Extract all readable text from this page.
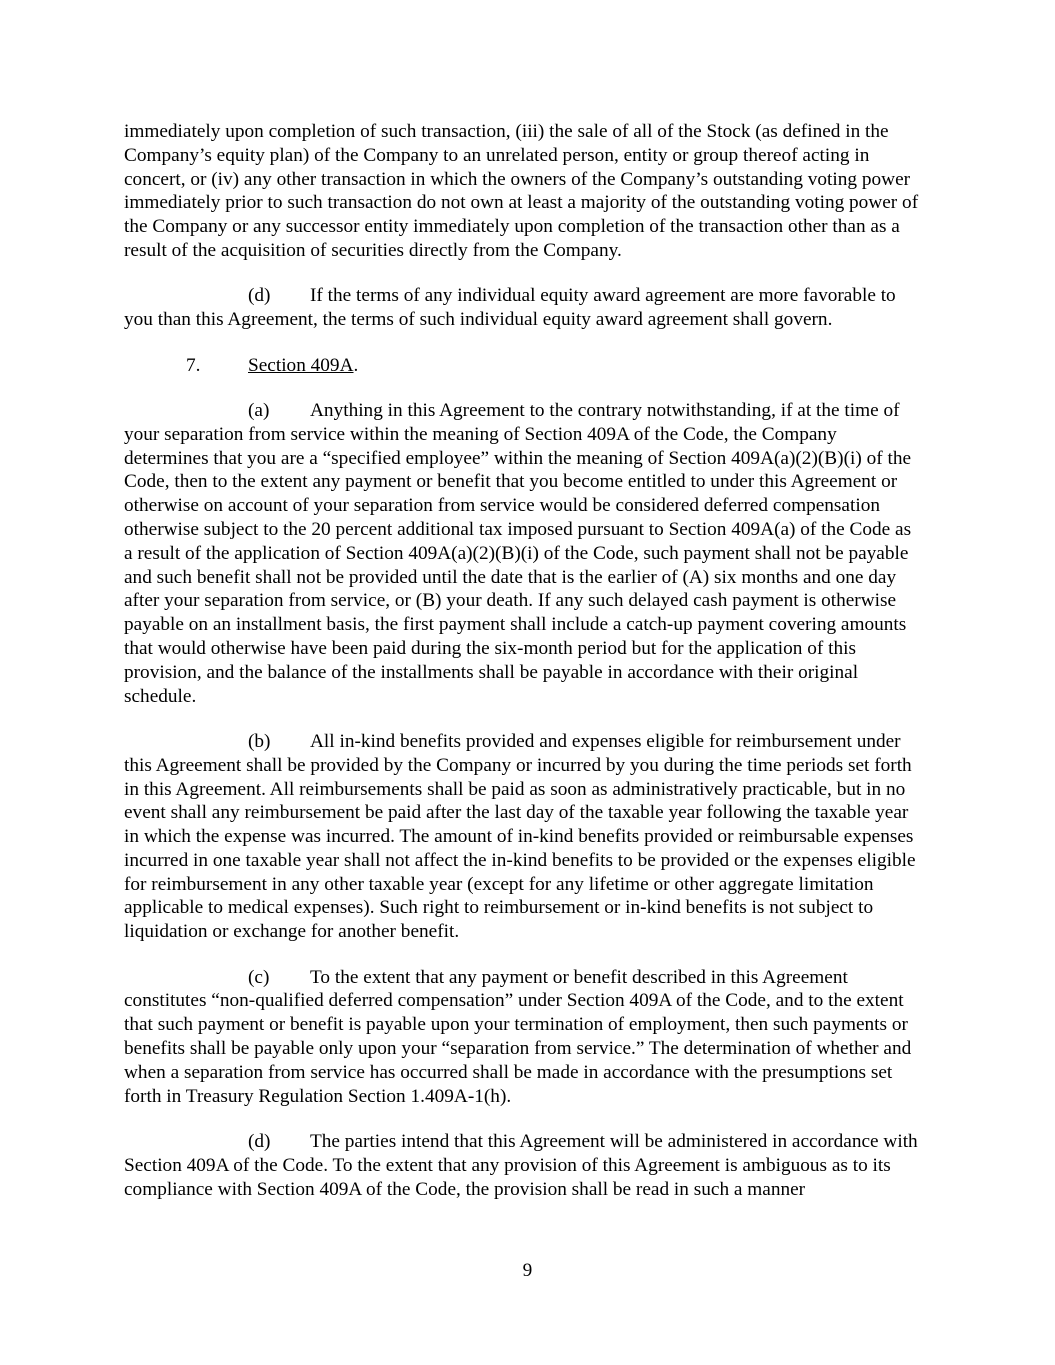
immediately upon completion of such transaction, (iii) the sale of all of the Stock (as defined in the Company’s equity plan) of the Company to an unrelated person, entity or group thereof acting in concert, or (iv) any other transaction in which the owners of the Company’s outstanding voting power immediately prior to such transaction do not own at least a majority of the outstanding voting power of the Company or any successor entity immediately upon completion of the transaction other than as a result of the acquisition of securities directly from the Company.

(d) If the terms of any individual equity award agreement are more favorable to you than this Agreement, the terms of such individual equity award agreement shall govern.

7. Section 409A.

(a) Anything in this Agreement to the contrary notwithstanding, if at the time of your separation from service within the meaning of Section 409A of the Code, the Company determines that you are a “specified employee” within the meaning of Section 409A(a)(2)(B)(i) of the Code, then to the extent any payment or benefit that you become entitled to under this Agreement or otherwise on account of your separation from service would be considered deferred compensation otherwise subject to the 20 percent additional tax imposed pursuant to Section 409A(a) of the Code as a result of the application of Section 409A(a)(2)(B)(i) of the Code, such payment shall not be payable and such benefit shall not be provided until the date that is the earlier of (A) six months and one day after your separation from service, or (B) your death. If any such delayed cash payment is otherwise payable on an installment basis, the first payment shall include a catch-up payment covering amounts that would otherwise have been paid during the six-month period but for the application of this provision, and the balance of the installments shall be payable in accordance with their original schedule.

(b) All in-kind benefits provided and expenses eligible for reimbursement under this Agreement shall be provided by the Company or incurred by you during the time periods set forth in this Agreement. All reimbursements shall be paid as soon as administratively practicable, but in no event shall any reimbursement be paid after the last day of the taxable year following the taxable year in which the expense was incurred. The amount of in-kind benefits provided or reimbursable expenses incurred in one taxable year shall not affect the in-kind benefits to be provided or the expenses eligible for reimbursement in any other taxable year (except for any lifetime or other aggregate limitation applicable to medical expenses). Such right to reimbursement or in-kind benefits is not subject to liquidation or exchange for another benefit.

(c) To the extent that any payment or benefit described in this Agreement constitutes “non-qualified deferred compensation” under Section 409A of the Code, and to the extent that such payment or benefit is payable upon your termination of employment, then such payments or benefits shall be payable only upon your “separation from service.” The determination of whether and when a separation from service has occurred shall be made in accordance with the presumptions set forth in Treasury Regulation Section 1.409A-1(h).

(d) The parties intend that this Agreement will be administered in accordance with Section 409A of the Code. To the extent that any provision of this Agreement is ambiguous as to its compliance with Section 409A of the Code, the provision shall be read in such a manner

9
